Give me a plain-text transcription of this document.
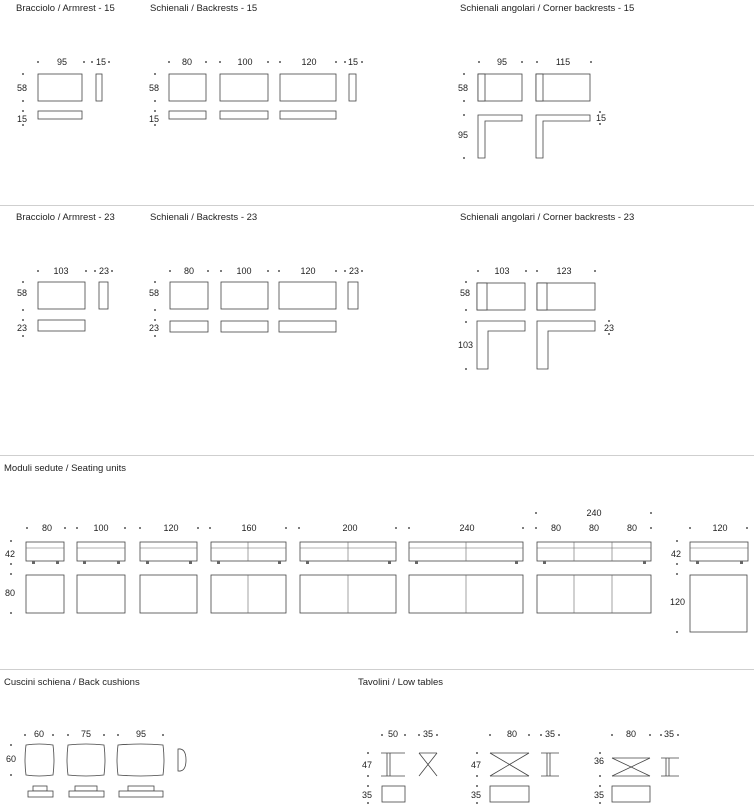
Bracciolo / Armrest - 15	Schienali / Backrests - 15	Schienali angolari / Corner backrests - 15
Bracciolo / Armrest - 23	Schienali / Backrests - 23	Schienali angolari / Corner backrests - 23
Moduli sedute / Seating units
Cuscini schiena / Back cushions	Tavolini / Low tables
95	15
58
15
80	100	120	15
58
15
95	115
58
95
15
103	23
58
23
80	100	120	23
58
23
103	123
58
103
23
80	100	120	160	200	240
240
80	80	80	120
42
80
42
120
60	75	95
60
50	35
47
35
80	35
47
35
80	35
36
35
